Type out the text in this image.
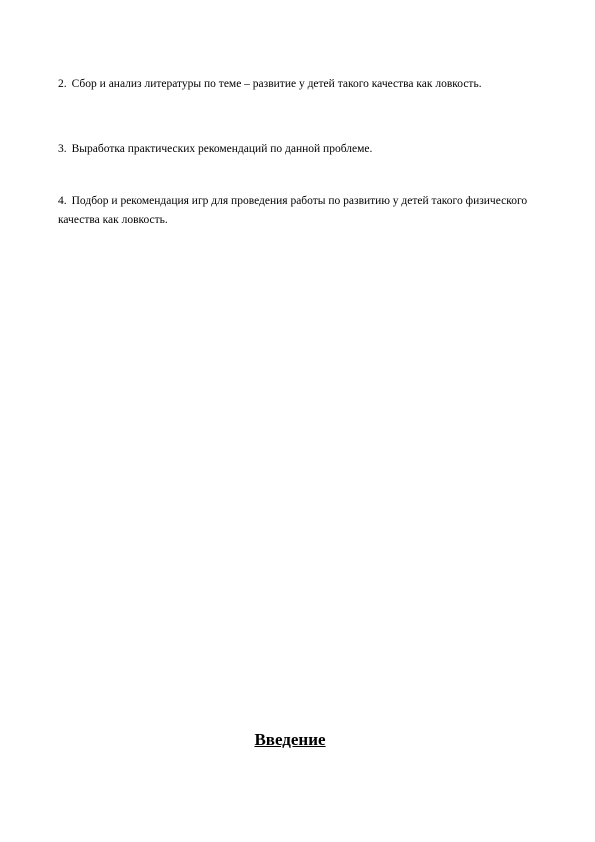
2. Сбор и анализ литературы по теме – развитие у детей такого качества как ловкость.

3. Выработка практических рекомендаций по данной проблеме.

4. Подбор и рекомендация игр для проведения работы по развитию у детей такого физического качества как ловкость.

Введение
